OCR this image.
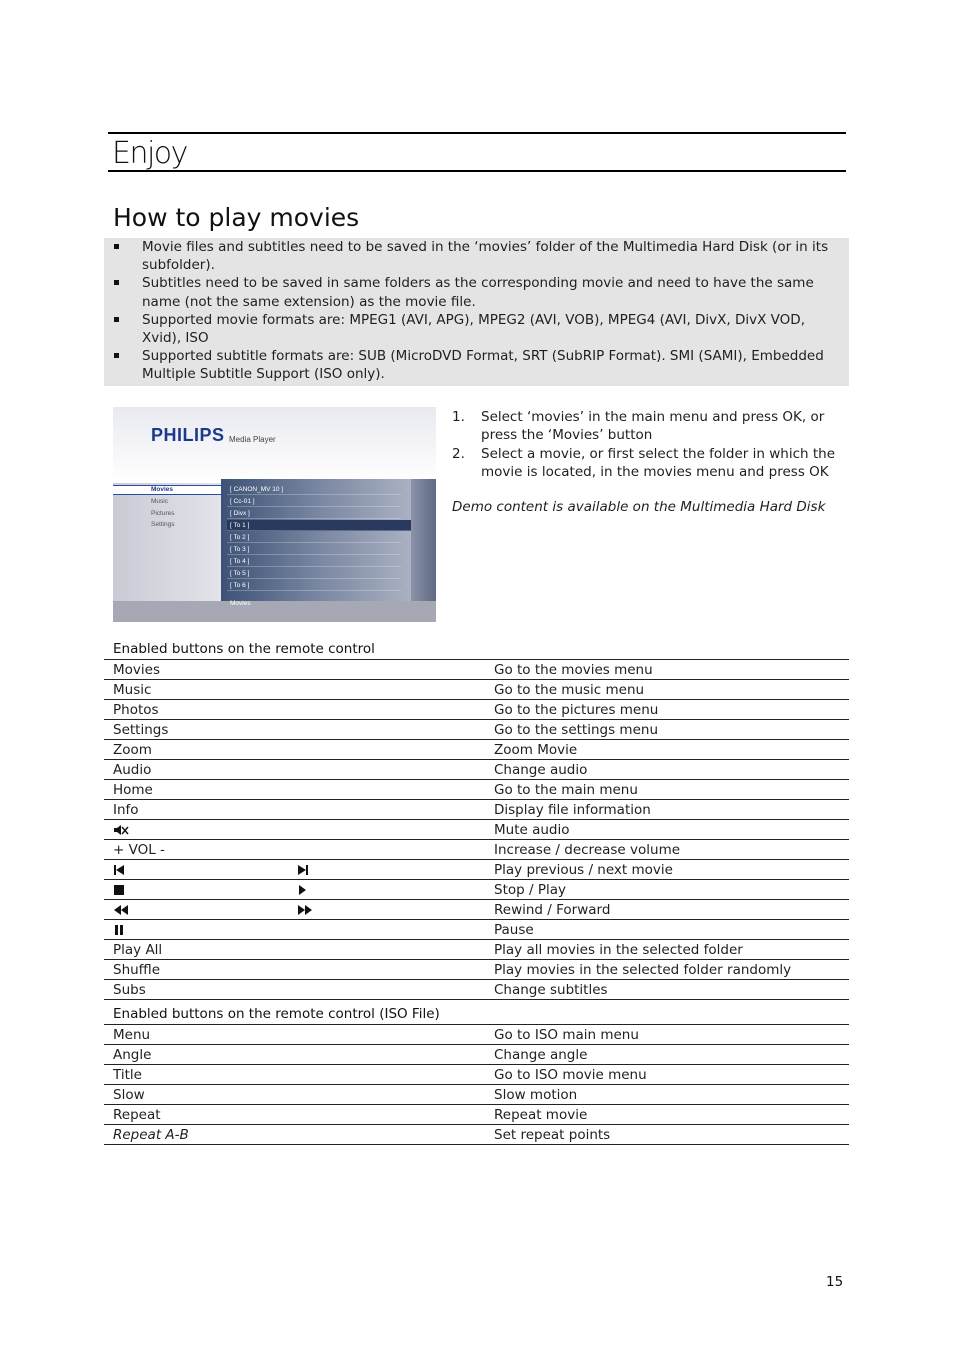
Enjoy
How to play movies
Movie files and subtitles need to be saved in the ‘movies’ folder of the Multimedia Hard Disk (or in its subfolder).
Subtitles need to be saved in same folders as the corresponding movie and need to have the same name (not the same extension) as the movie file.
Supported movie formats are: MPEG1 (AVI, APG), MPEG2 (AVI, VOB), MPEG4 (AVI, DivX, DivX VOD, Xvid), ISO
Supported subtitle formats are: SUB (MicroDVD Format, SRT (SubRIP Format). SMI (SAMI), Embedded Multiple Subtitle Support (ISO only).
PHILIPS Media Player
Movies
Music
Pictures
Settings
[ CANON_MV 10 ]
[ Cc-01 ]
[ Divx ]
[ To 1 ]
[ To 2 ]
[ To 3 ]
[ To 4 ]
[ To 5 ]
[ To 6 ]
Movies
1. Select ‘movies’ in the main menu and press OK, or press the ‘Movies’ button
2. Select a movie, or first select the folder in which the movie is located, in the movies menu and press OK
Demo content is available on the Multimedia Hard Disk
Enabled buttons on the remote control
Movies	Go to the movies menu
Music	Go to the music menu
Photos	Go to the pictures menu
Settings	Go to the settings menu
Zoom	Zoom Movie
Audio	Change audio
Home	Go to the main menu
Info	Display file information

	Mute audio
+ VOL -	Increase / decrease volume

	Play previous / next movie

	Stop / Play

	Rewind / Forward

	Pause
Play All	Play all movies in the selected folder
Shuffle	Play movies in the selected folder randomly
Subs	Change subtitles
Enabled buttons on the remote control (ISO File)
Menu	Go to ISO main menu
Angle	Change angle
Title	Go to ISO movie menu
Slow	Slow motion
Repeat	Repeat movie
Repeat A-B	Set repeat points
15
